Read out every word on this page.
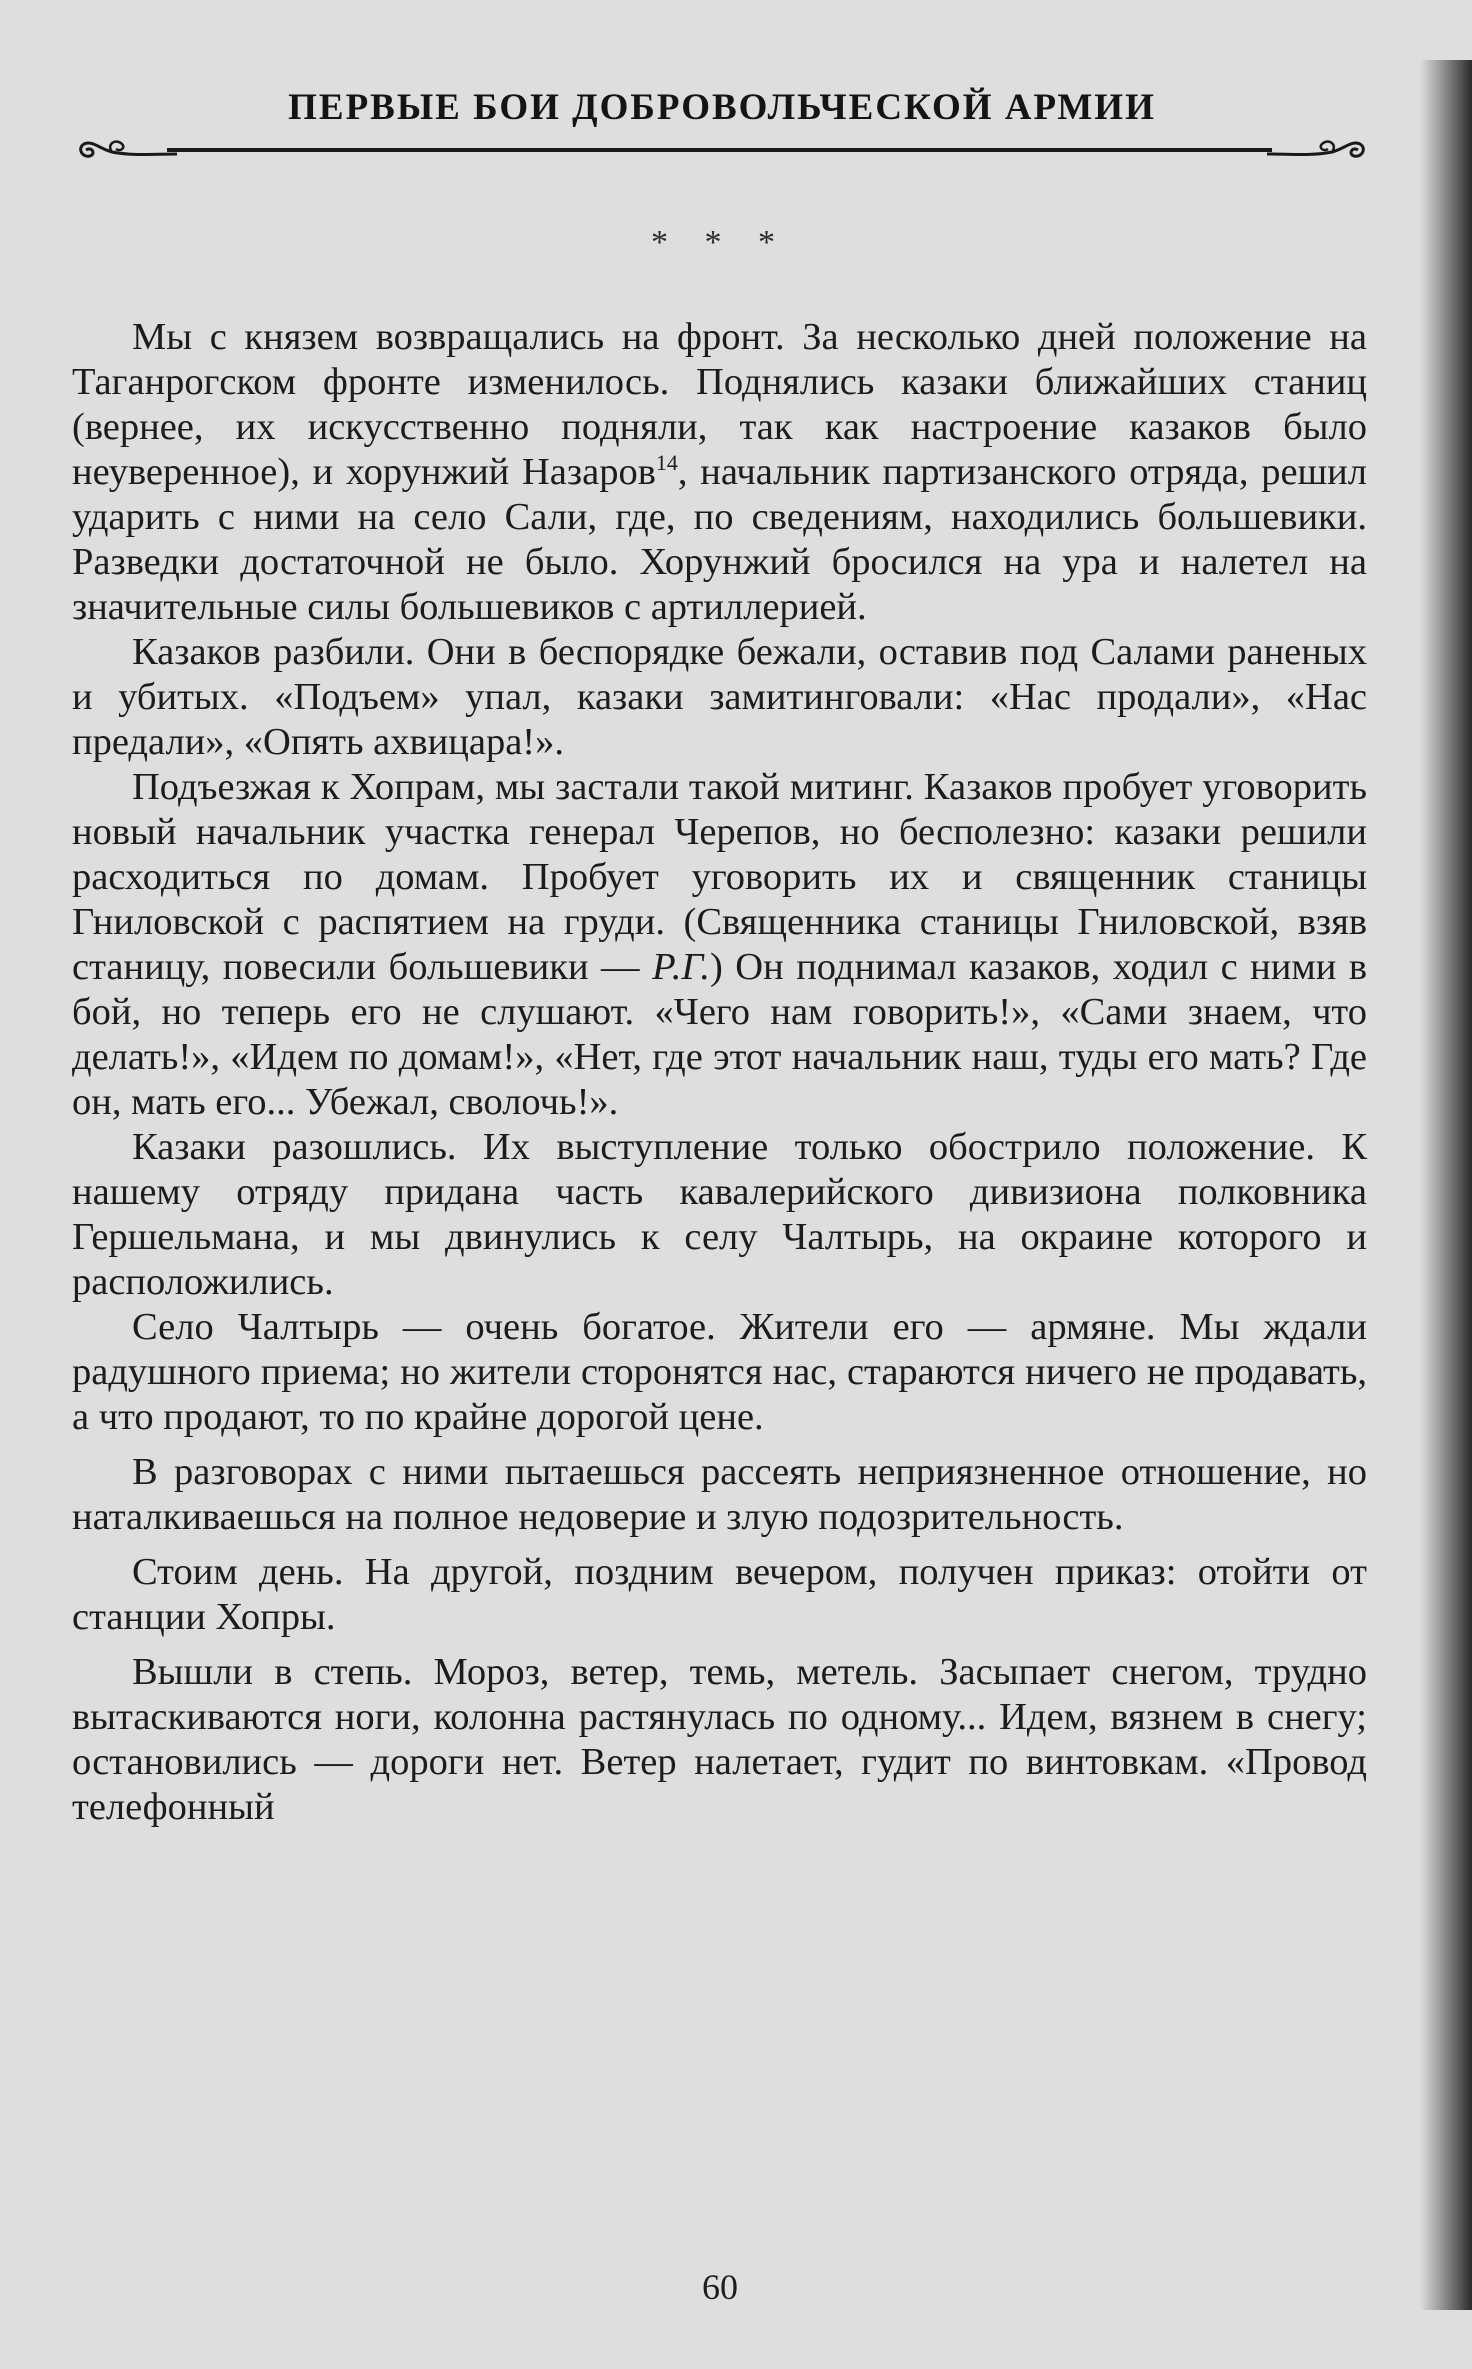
ПЕРВЫЕ БОИ ДОБРОВОЛЬЧЕСКОЙ АРМИИ
* * *

Мы с князем возвращались на фронт. За несколько дней положение на Таганрогском фронте изменилось. Поднялись казаки ближайших станиц (вернее, их искусственно подняли, так как настроение казаков было неуверенное), и хорунжий Назаров$^{14}$, начальник партизанского отряда, решил ударить с ними на село Сали, где, по сведениям, находились большевики. Разведки достаточной не было. Хорунжий бросился на ура и налетел на значительные силы большевиков с артиллерией.

Казаков разбили. Они в беспорядке бежали, оставив под Салами раненых и убитых. «Подъем» упал, казаки замитинговали: «Нас продали», «Нас предали», «Опять ахвицара!».

Подъезжая к Хопрам, мы застали такой митинг. Казаков пробует уговорить новый начальник участка генерал Черепов, но бесполезно: казаки решили расходиться по домам. Пробует уговорить их и священник станицы Гниловской с распятием на груди. (Священника станицы Гниловской, взяв станицу, повесили большевики — Р.Г.) Он поднимал казаков, ходил с ними в бой, но теперь его не слушают. «Чего нам говорить!», «Сами знаем, что делать!», «Идем по домам!», «Нет, где этот начальник наш, туды его мать? Где он, мать его... Убежал, сволочь!».

Казаки разошлись. Их выступление только обострило положение. К нашему отряду придана часть кавалерийского дивизиона полковника Гершельмана, и мы двинулись к селу Чалтырь, на окраине которого и расположились.

Село Чалтырь — очень богатое. Жители его — армяне. Мы ждали радушного приема; но жители сторонятся нас, стараются ничего не продавать, а что продают, то по крайне дорогой цене.

В разговорах с ними пытаешься рассеять неприязненное отношение, но наталкиваешься на полное недоверие и злую подозрительность.

Стоим день. На другой, поздним вечером, получен приказ: отойти от станции Хопры.

Вышли в степь. Мороз, ветер, темь, метель. Засыпает снегом, трудно вытаскиваются ноги, колонна растянулась по одному... Идем, вязнем в снегу; остановились — дороги нет. Ветер налетает, гудит по винтовкам. «Провод телефонный

60
